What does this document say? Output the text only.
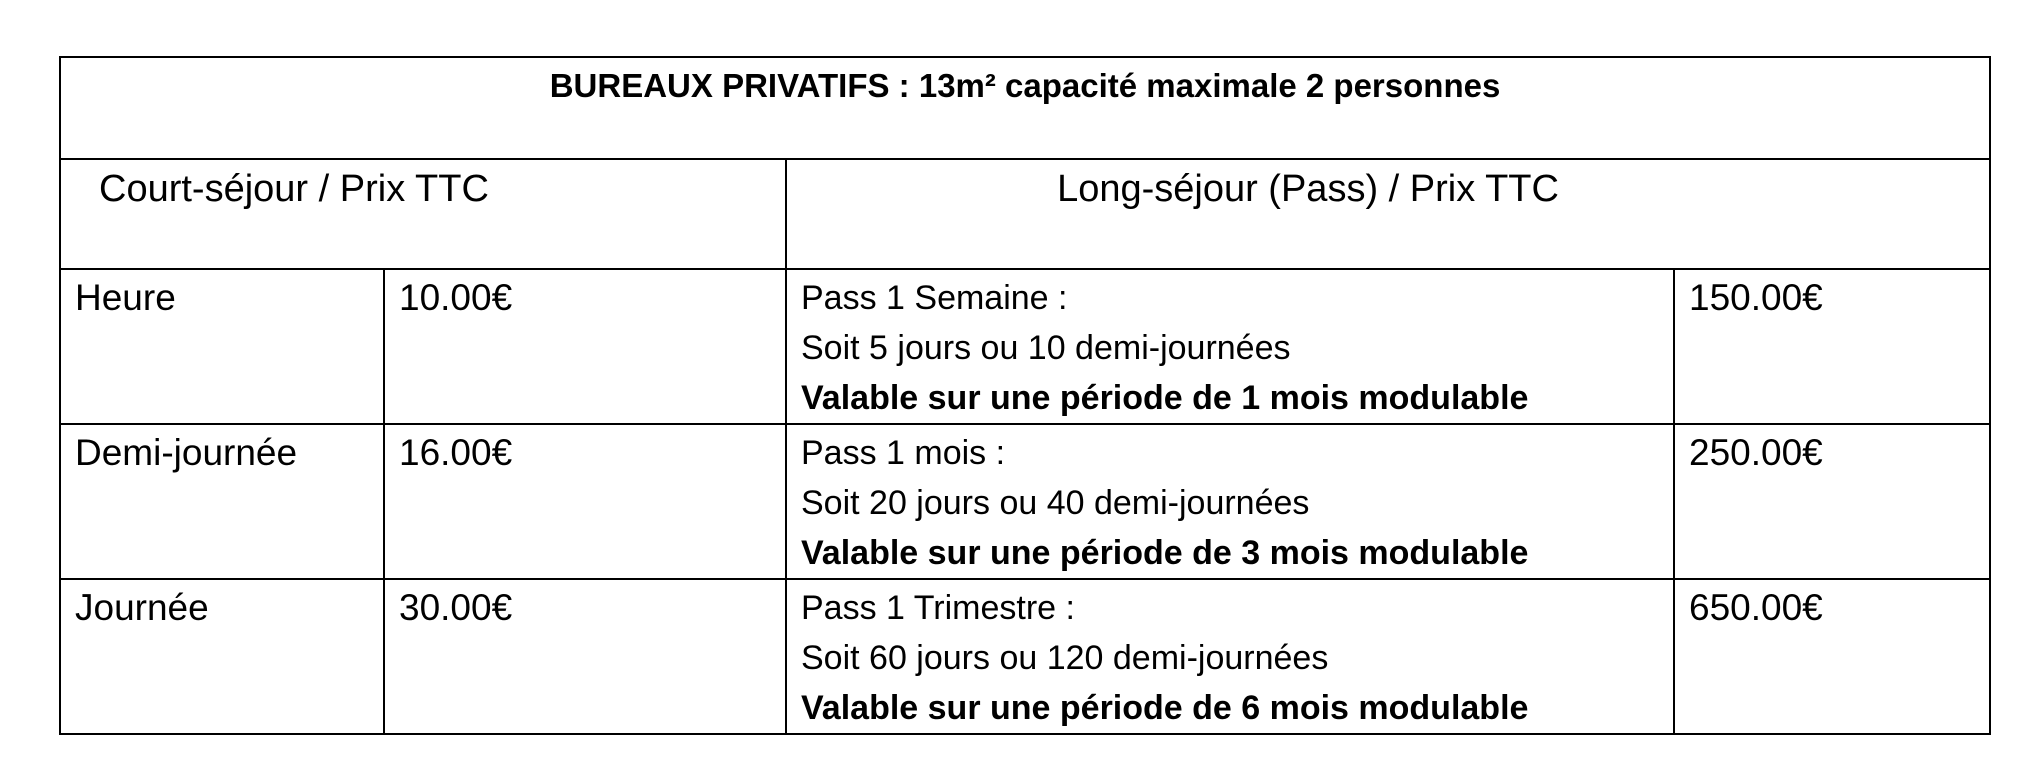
BUREAUX PRIVATIFS : 13m² capacité maximale 2 personnes			
Court-séjour / Prix TTC		Long-séjour (Pass) / Prix TTC	
Heure	10.00€	Pass 1 Semaine :
Soit 5 jours ou 10 demi-journées
Valable sur une période de 1 mois modulable	150.00€
Demi-journée	16.00€	Pass 1 mois :
Soit 20 jours ou 40 demi-journées
Valable sur une période de 3 mois modulable	250.00€
Journée	30.00€	Pass 1 Trimestre :
Soit 60 jours ou 120 demi-journées
Valable sur une période de 6 mois modulable	650.00€
